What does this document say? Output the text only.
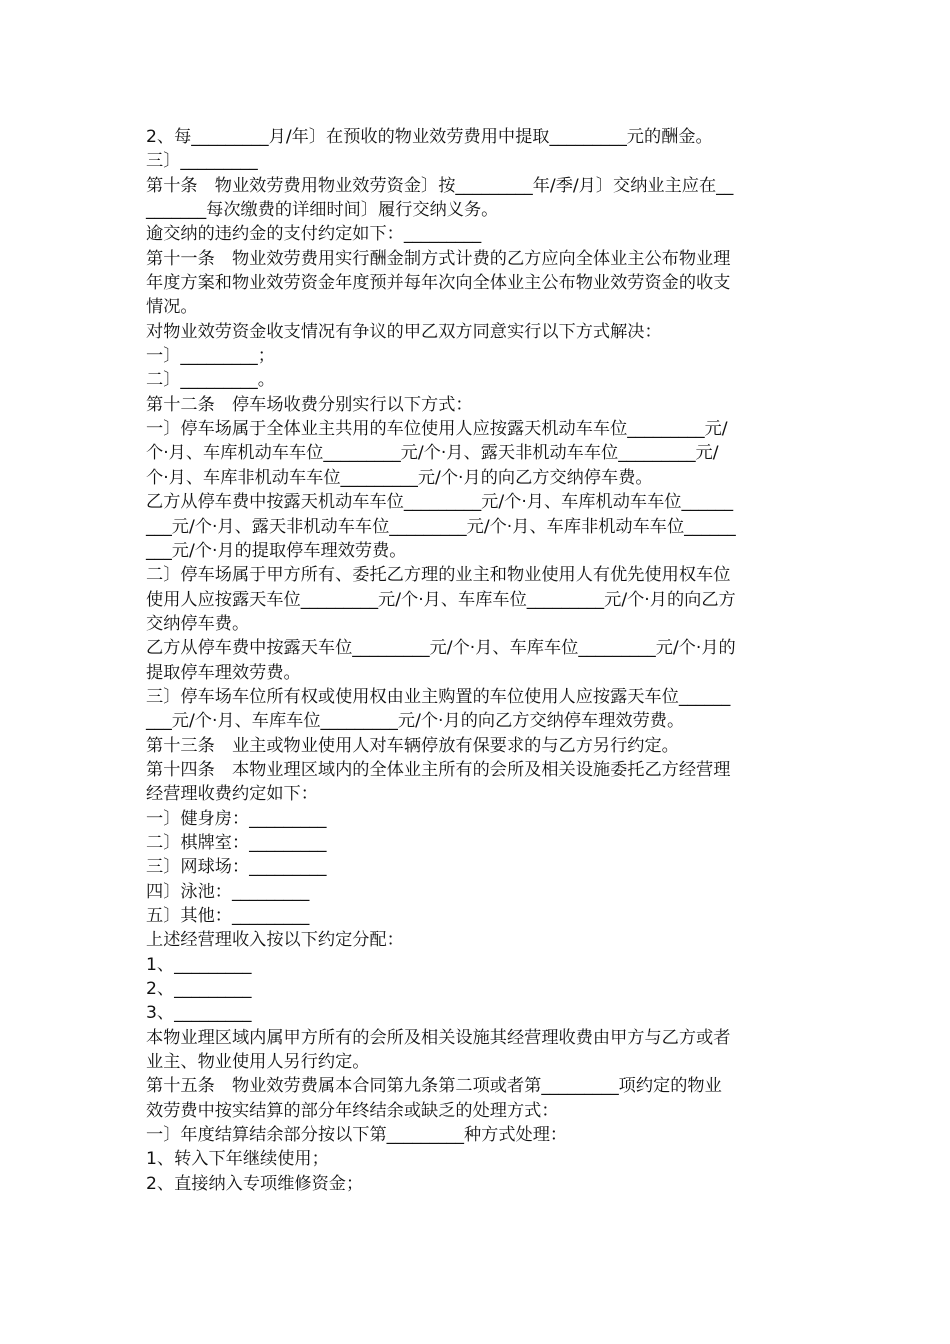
2、每_________月/年〕在预收的物业效劳费用中提取_________元的酬金。
三〕_________
第十条　物业效劳费用物业效劳资金〕按_________年/季/月〕交纳业主应在__
_______每次缴费的详细时间〕履行交纳义务。
逾交纳的违约金的支付约定如下：_________
第十一条　物业效劳费用实行酬金制方式计费的乙方应向全体业主公布物业理
年度方案和物业效劳资金年度预并每年次向全体业主公布物业效劳资金的收支
情况。
对物业效劳资金收支情况有争议的甲乙双方同意实行以下方式解决：
一〕_________；
二〕_________。
第十二条　停车场收费分别实行以下方式：
一〕停车场属于全体业主共用的车位使用人应按露天机动车车位_________元/
个·月、车库机动车车位_________元/个·月、露天非机动车车位_________元/
个·月、车库非机动车车位_________元/个·月的向乙方交纳停车费。
乙方从停车费中按露天机动车车位_________元/个·月、车库机动车车位______
___元/个·月、露天非机动车车位_________元/个·月、车库非机动车车位______
___元/个·月的提取停车理效劳费。
二〕停车场属于甲方所有、委托乙方理的业主和物业使用人有优先使用权车位
使用人应按露天车位_________元/个·月、车库车位_________元/个·月的向乙方
交纳停车费。
乙方从停车费中按露天车位_________元/个·月、车库车位_________元/个·月的
提取停车理效劳费。
三〕停车场车位所有权或使用权由业主购置的车位使用人应按露天车位______
___元/个·月、车库车位_________元/个·月的向乙方交纳停车理效劳费。
第十三条　业主或物业使用人对车辆停放有保要求的与乙方另行约定。
第十四条　本物业理区域内的全体业主所有的会所及相关设施委托乙方经营理
经营理收费约定如下：
一〕健身房：_________
二〕棋牌室：_________
三〕网球场：_________
四〕泳池：_________
五〕其他：_________
上述经营理收入按以下约定分配：
1、_________
2、_________
3、_________
本物业理区域内属甲方所有的会所及相关设施其经营理收费由甲方与乙方或者
业主、物业使用人另行约定。
第十五条　物业效劳费属本合同第九条第二项或者第_________项约定的物业
效劳费中按实结算的部分年终结余或缺乏的处理方式：
一〕年度结算结余部分按以下第_________种方式处理：
1、转入下年继续使用；
2、直接纳入专项维修资金；
